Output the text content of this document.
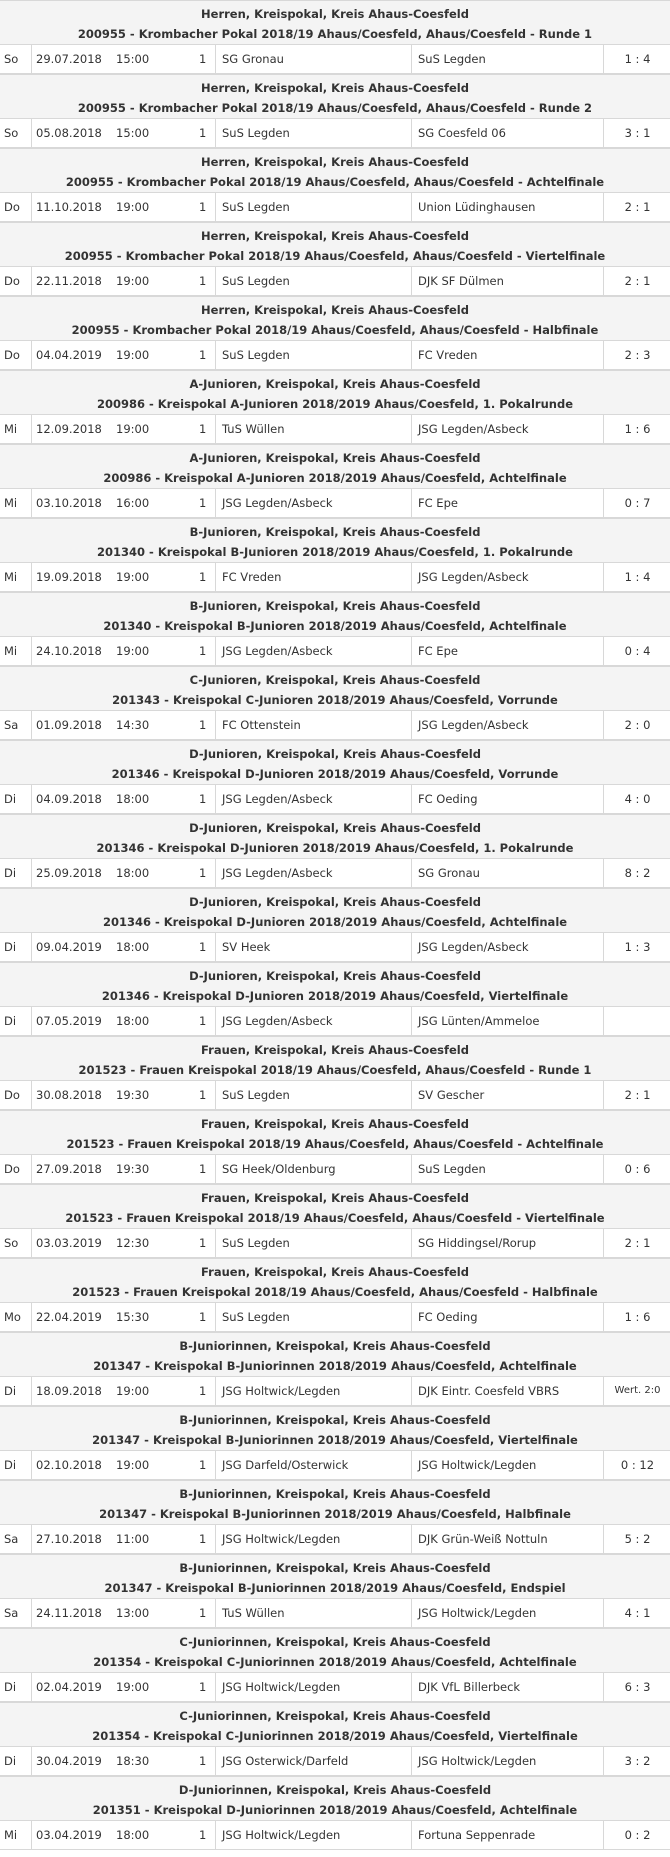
Herren, Kreispokal, Kreis Ahaus-Coesfeld
200955 - Krombacher Pokal 2018/19 Ahaus/Coesfeld, Ahaus/Coesfeld - Runde 1
So	29.07.2018	15:00	1	SG Gronau	SuS Legden	1 : 4
Herren, Kreispokal, Kreis Ahaus-Coesfeld
200955 - Krombacher Pokal 2018/19 Ahaus/Coesfeld, Ahaus/Coesfeld - Runde 2
So	05.08.2018	15:00	1	SuS Legden	SG Coesfeld 06	3 : 1
Herren, Kreispokal, Kreis Ahaus-Coesfeld
200955 - Krombacher Pokal 2018/19 Ahaus/Coesfeld, Ahaus/Coesfeld - Achtelfinale
Do	11.10.2018	19:00	1	SuS Legden	Union Lüdinghausen	2 : 1
Herren, Kreispokal, Kreis Ahaus-Coesfeld
200955 - Krombacher Pokal 2018/19 Ahaus/Coesfeld, Ahaus/Coesfeld - Viertelfinale
Do	22.11.2018	19:00	1	SuS Legden	DJK SF Dülmen	2 : 1
Herren, Kreispokal, Kreis Ahaus-Coesfeld
200955 - Krombacher Pokal 2018/19 Ahaus/Coesfeld, Ahaus/Coesfeld - Halbfinale
Do	04.04.2019	19:00	1	SuS Legden	FC Vreden	2 : 3
A-Junioren, Kreispokal, Kreis Ahaus-Coesfeld
200986 - Kreispokal A-Junioren 2018/2019 Ahaus/Coesfeld, 1. Pokalrunde
Mi	12.09.2018	19:00	1	TuS Wüllen	JSG Legden/Asbeck	1 : 6
A-Junioren, Kreispokal, Kreis Ahaus-Coesfeld
200986 - Kreispokal A-Junioren 2018/2019 Ahaus/Coesfeld, Achtelfinale
Mi	03.10.2018	16:00	1	JSG Legden/Asbeck	FC Epe	0 : 7
B-Junioren, Kreispokal, Kreis Ahaus-Coesfeld
201340 - Kreispokal B-Junioren 2018/2019 Ahaus/Coesfeld, 1. Pokalrunde
Mi	19.09.2018	19:00	1	FC Vreden	JSG Legden/Asbeck	1 : 4
B-Junioren, Kreispokal, Kreis Ahaus-Coesfeld
201340 - Kreispokal B-Junioren 2018/2019 Ahaus/Coesfeld, Achtelfinale
Mi	24.10.2018	19:00	1	JSG Legden/Asbeck	FC Epe	0 : 4
C-Junioren, Kreispokal, Kreis Ahaus-Coesfeld
201343 - Kreispokal C-Junioren 2018/2019 Ahaus/Coesfeld, Vorrunde
Sa	01.09.2018	14:30	1	FC Ottenstein	JSG Legden/Asbeck	2 : 0
D-Junioren, Kreispokal, Kreis Ahaus-Coesfeld
201346 - Kreispokal D-Junioren 2018/2019 Ahaus/Coesfeld, Vorrunde
Di	04.09.2018	18:00	1	JSG Legden/Asbeck	FC Oeding	4 : 0
D-Junioren, Kreispokal, Kreis Ahaus-Coesfeld
201346 - Kreispokal D-Junioren 2018/2019 Ahaus/Coesfeld, 1. Pokalrunde
Di	25.09.2018	18:00	1	JSG Legden/Asbeck	SG Gronau	8 : 2
D-Junioren, Kreispokal, Kreis Ahaus-Coesfeld
201346 - Kreispokal D-Junioren 2018/2019 Ahaus/Coesfeld, Achtelfinale
Di	09.04.2019	18:00	1	SV Heek	JSG Legden/Asbeck	1 : 3
D-Junioren, Kreispokal, Kreis Ahaus-Coesfeld
201346 - Kreispokal D-Junioren 2018/2019 Ahaus/Coesfeld, Viertelfinale
Di	07.05.2019	18:00	1	JSG Legden/Asbeck	JSG Lünten/Ammeloe
Frauen, Kreispokal, Kreis Ahaus-Coesfeld
201523 - Frauen Kreispokal 2018/19 Ahaus/Coesfeld, Ahaus/Coesfeld - Runde 1
Do	30.08.2018	19:30	1	SuS Legden	SV Gescher	2 : 1
Frauen, Kreispokal, Kreis Ahaus-Coesfeld
201523 - Frauen Kreispokal 2018/19 Ahaus/Coesfeld, Ahaus/Coesfeld - Achtelfinale
Do	27.09.2018	19:30	1	SG Heek/Oldenburg	SuS Legden	0 : 6
Frauen, Kreispokal, Kreis Ahaus-Coesfeld
201523 - Frauen Kreispokal 2018/19 Ahaus/Coesfeld, Ahaus/Coesfeld - Viertelfinale
So	03.03.2019	12:30	1	SuS Legden	SG Hiddingsel/Rorup	2 : 1
Frauen, Kreispokal, Kreis Ahaus-Coesfeld
201523 - Frauen Kreispokal 2018/19 Ahaus/Coesfeld, Ahaus/Coesfeld - Halbfinale
Mo	22.04.2019	15:30	1	SuS Legden	FC Oeding	1 : 6
B-Juniorinnen, Kreispokal, Kreis Ahaus-Coesfeld
201347 - Kreispokal B-Juniorinnen 2018/2019 Ahaus/Coesfeld, Achtelfinale
Di	18.09.2018	19:00	1	JSG Holtwick/Legden	DJK Eintr. Coesfeld VBRS	Wert. 2:0
B-Juniorinnen, Kreispokal, Kreis Ahaus-Coesfeld
201347 - Kreispokal B-Juniorinnen 2018/2019 Ahaus/Coesfeld, Viertelfinale
Di	02.10.2018	19:00	1	JSG Darfeld/Osterwick	JSG Holtwick/Legden	0 : 12
B-Juniorinnen, Kreispokal, Kreis Ahaus-Coesfeld
201347 - Kreispokal B-Juniorinnen 2018/2019 Ahaus/Coesfeld, Halbfinale
Sa	27.10.2018	11:00	1	JSG Holtwick/Legden	DJK Grün-Weiß Nottuln	5 : 2
B-Juniorinnen, Kreispokal, Kreis Ahaus-Coesfeld
201347 - Kreispokal B-Juniorinnen 2018/2019 Ahaus/Coesfeld, Endspiel
Sa	24.11.2018	13:00	1	TuS Wüllen	JSG Holtwick/Legden	4 : 1
C-Juniorinnen, Kreispokal, Kreis Ahaus-Coesfeld
201354 - Kreispokal C-Juniorinnen 2018/2019 Ahaus/Coesfeld, Achtelfinale
Di	02.04.2019	19:00	1	JSG Holtwick/Legden	DJK VfL Billerbeck	6 : 3
C-Juniorinnen, Kreispokal, Kreis Ahaus-Coesfeld
201354 - Kreispokal C-Juniorinnen 2018/2019 Ahaus/Coesfeld, Viertelfinale
Di	30.04.2019	18:30	1	JSG Osterwick/Darfeld	JSG Holtwick/Legden	3 : 2
D-Juniorinnen, Kreispokal, Kreis Ahaus-Coesfeld
201351 - Kreispokal D-Juniorinnen 2018/2019 Ahaus/Coesfeld, Achtelfinale
Mi	03.04.2019	18:00	1	JSG Holtwick/Legden	Fortuna Seppenrade	0 : 2
